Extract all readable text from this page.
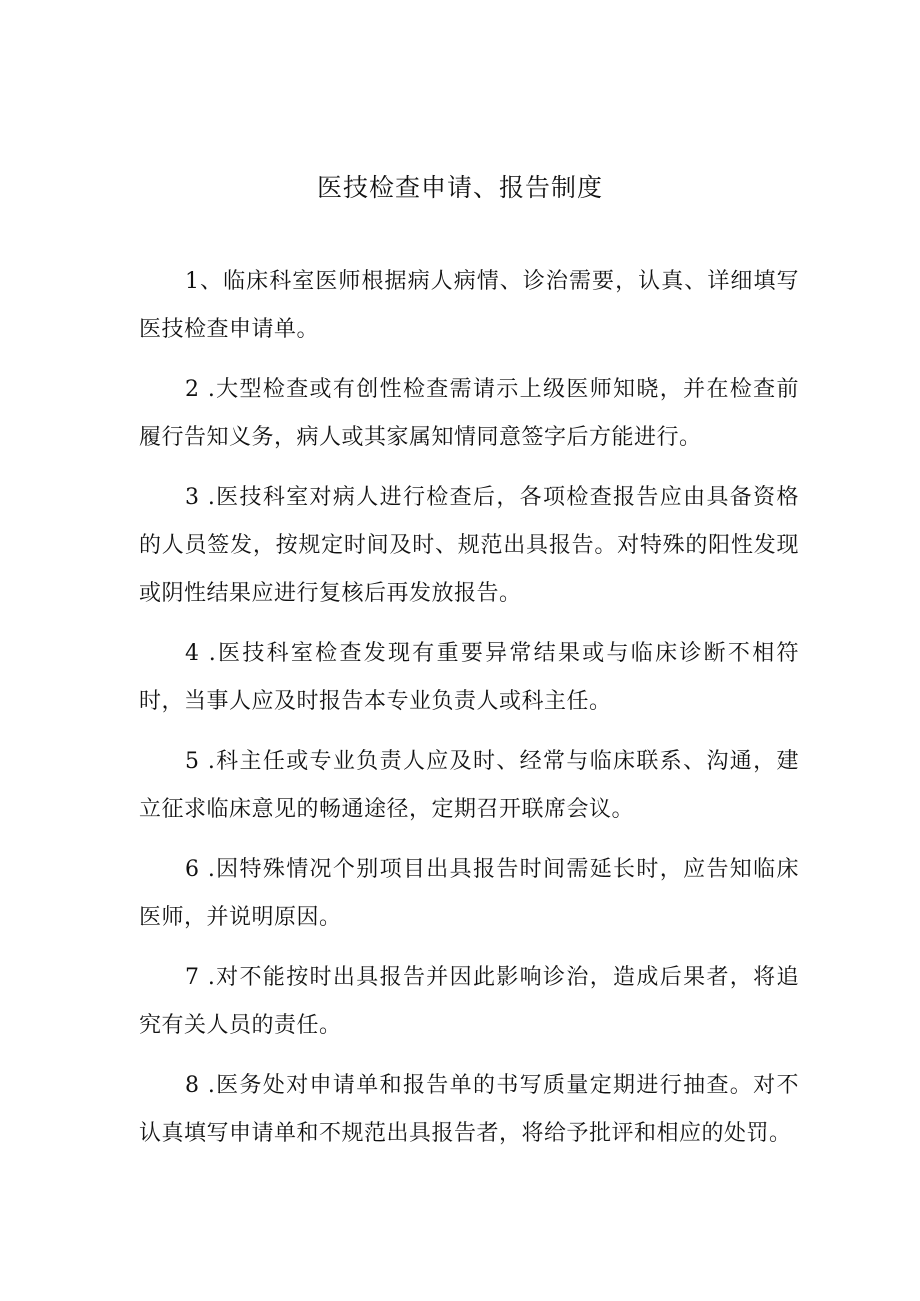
医技检查申请、报告制度

1、临床科室医师根据病人病情、诊治需要，认真、详细填写医技检查申请单。

2 .大型检查或有创性检查需请示上级医师知晓，并在检查前履行告知义务，病人或其家属知情同意签字后方能进行。

3 .医技科室对病人进行检查后，各项检查报告应由具备资格的人员签发，按规定时间及时、规范出具报告。对特殊的阳性发现或阴性结果应进行复核后再发放报告。

4 .医技科室检查发现有重要异常结果或与临床诊断不相符时，当事人应及时报告本专业负责人或科主任。

5 .科主任或专业负责人应及时、经常与临床联系、沟通，建立征求临床意见的畅通途径，定期召开联席会议。

6 .因特殊情况个别项目出具报告时间需延长时，应告知临床医师，并说明原因。

7 .对不能按时出具报告并因此影响诊治，造成后果者，将追究有关人员的责任。

8 .医务处对申请单和报告单的书写质量定期进行抽查。对不认真填写申请单和不规范出具报告者，将给予批评和相应的处罚。
